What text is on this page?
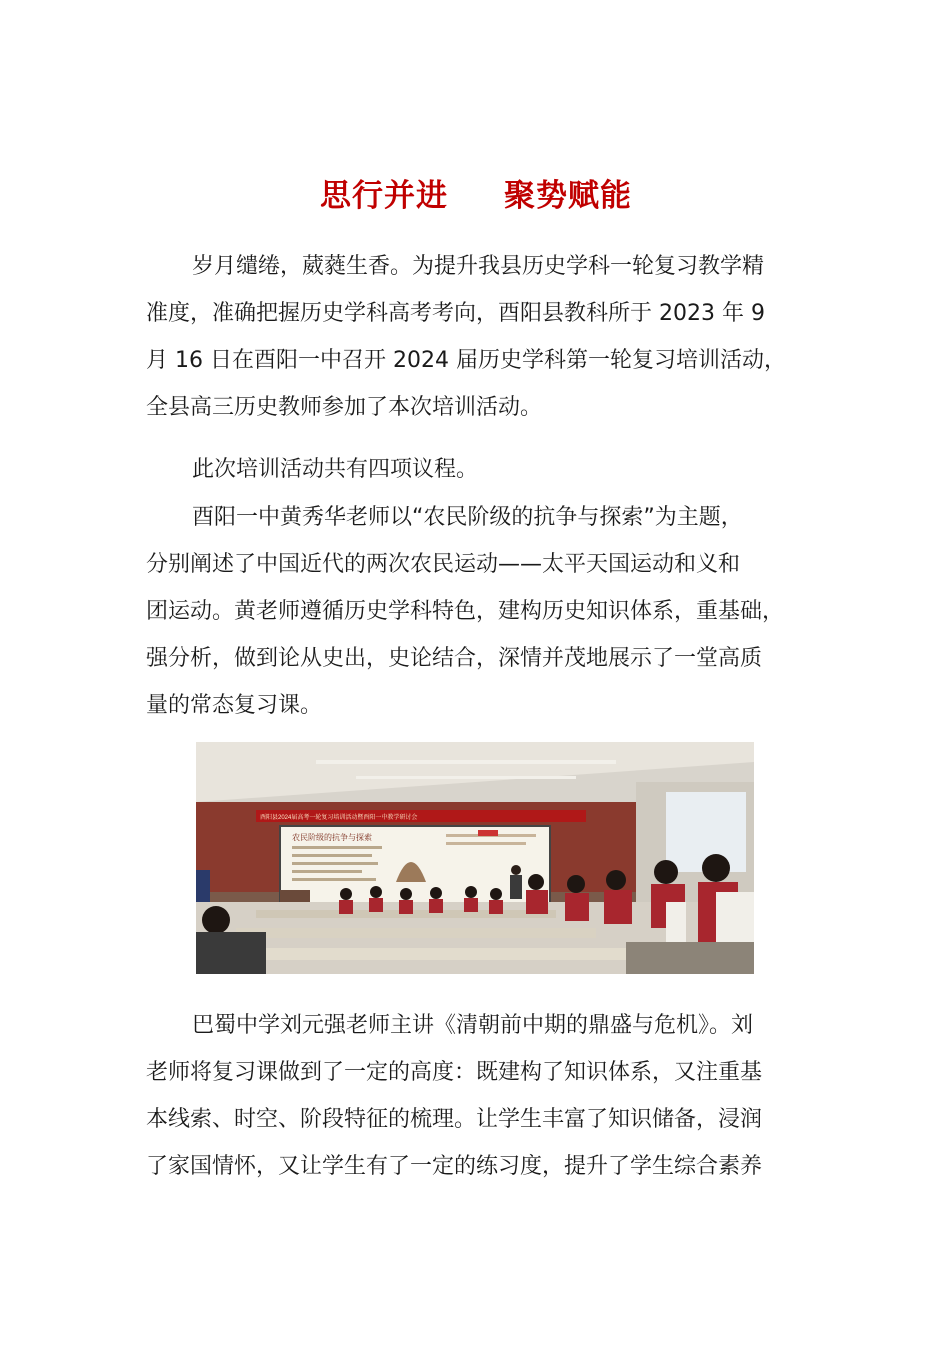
思行并进 聚势赋能
岁月缱绻，葳蕤生香。为提升我县历史学科一轮复习教学精
准度，准确把握历史学科高考考向，酉阳县教科所于 2023 年 9
月 16 日在酉阳一中召开 2024 届历史学科第一轮复习培训活动，
全县高三历史教师参加了本次培训活动。
此次培训活动共有四项议程。
酉阳一中黄秀华老师以“农民阶级的抗争与探索”为主题，
分别阐述了中国近代的两次农民运动——太平天国运动和义和
团运动。黄老师遵循历史学科特色，建构历史知识体系，重基础，
强分析，做到论从史出，史论结合，深情并茂地展示了一堂高质
量的常态复习课。
酉阳县2024届高考一轮复习培训活动暨酉阳一中教学研讨会
农民阶级的抗争与探索
巴蜀中学刘元强老师主讲《清朝前中期的鼎盛与危机》。刘
老师将复习课做到了一定的高度：既建构了知识体系，又注重基
本线索、时空、阶段特征的梳理。让学生丰富了知识储备，浸润
了家国情怀，又让学生有了一定的练习度，提升了学生综合素养
